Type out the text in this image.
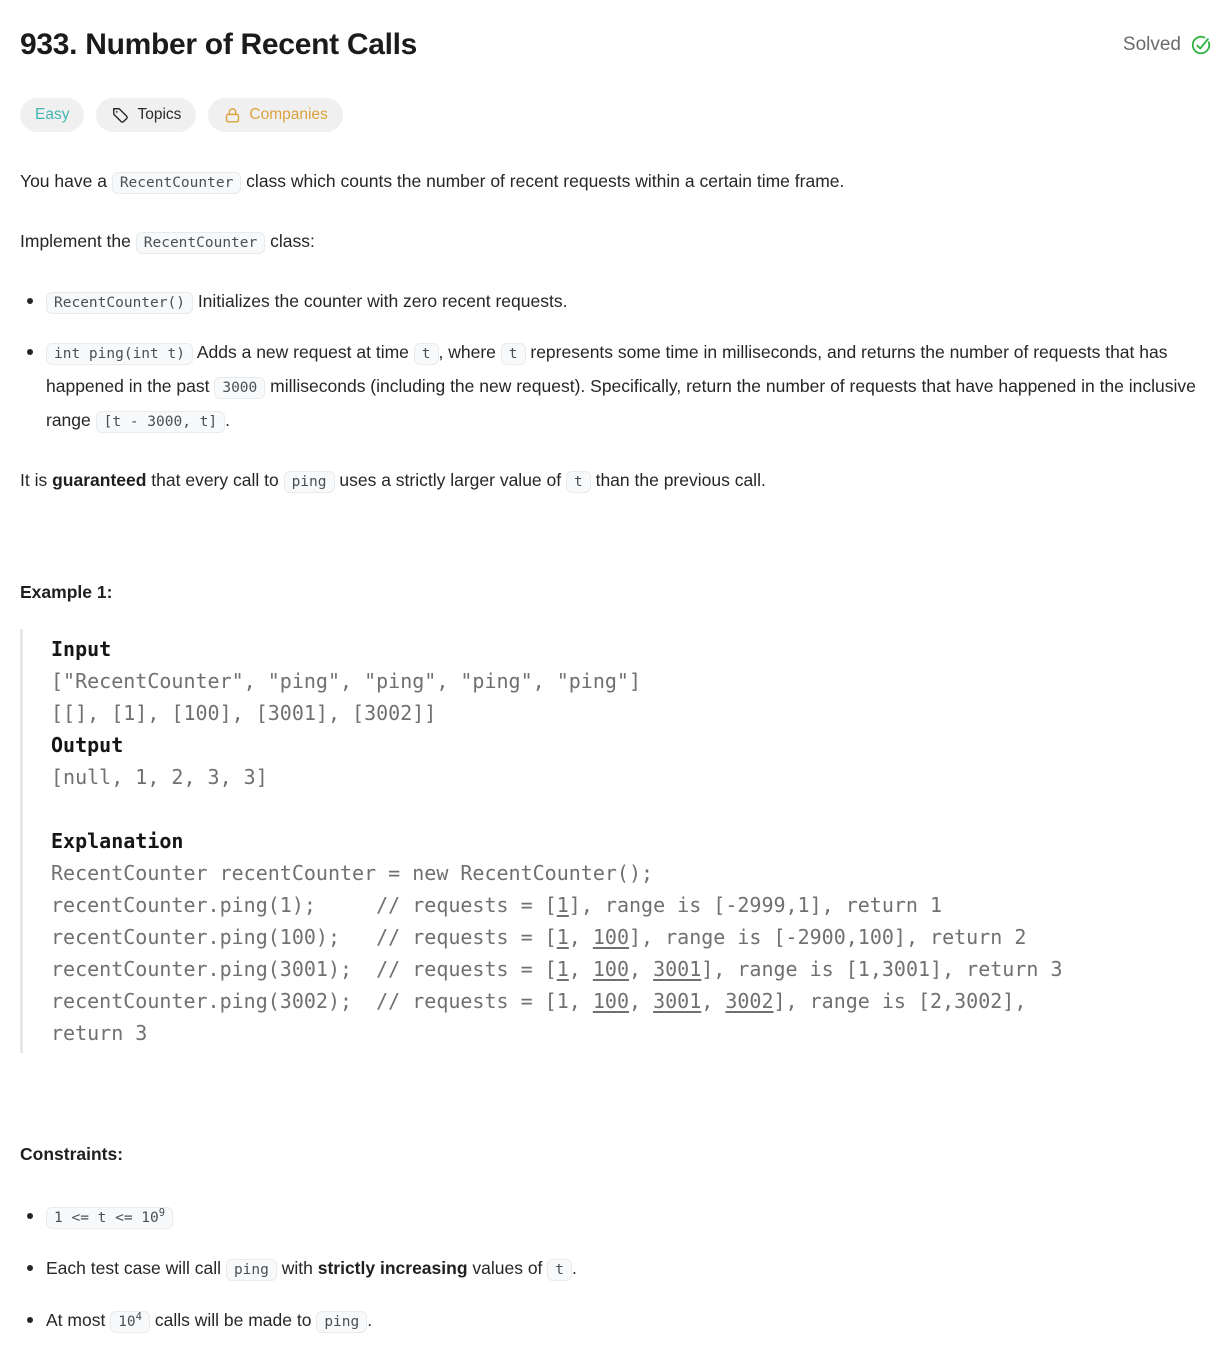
933. Number of Recent Calls	Solved
Easy	Topics	Companies

You have a RecentCounter class which counts the number of recent requests within a certain time frame.

Implement the RecentCounter class:

RecentCounter() Initializes the counter with zero recent requests.
int ping(int t) Adds a new request at time t , where t represents some time in milliseconds, and returns the number of requests that has happened in the past 3000 milliseconds (including the new request). Specifically, return the number of requests that have happened in the inclusive range [t - 3000, t] .

It is guaranteed that every call to ping uses a strictly larger value of t than the previous call.

Example 1:
Input
["RecentCounter", "ping", "ping", "ping", "ping"]
[[], [1], [100], [3001], [3002]]
Output
[null, 1, 2, 3, 3]

Explanation
RecentCounter recentCounter = new RecentCounter();
recentCounter.ping(1);     // requests = [1], range is [-2999,1], return 1
recentCounter.ping(100);   // requests = [1, 100], range is [-2900,100], return 2
recentCounter.ping(3001);  // requests = [1, 100, 3001], range is [1,3001], return 3
recentCounter.ping(3002);  // requests = [1, 100, 3001, 3002], range is [2,3002],
return 3
Constraints:
$1 <= t <= 10^9$
Each test case will call ping with strictly increasing values of t .
At most $10^4$ calls will be made to ping .
